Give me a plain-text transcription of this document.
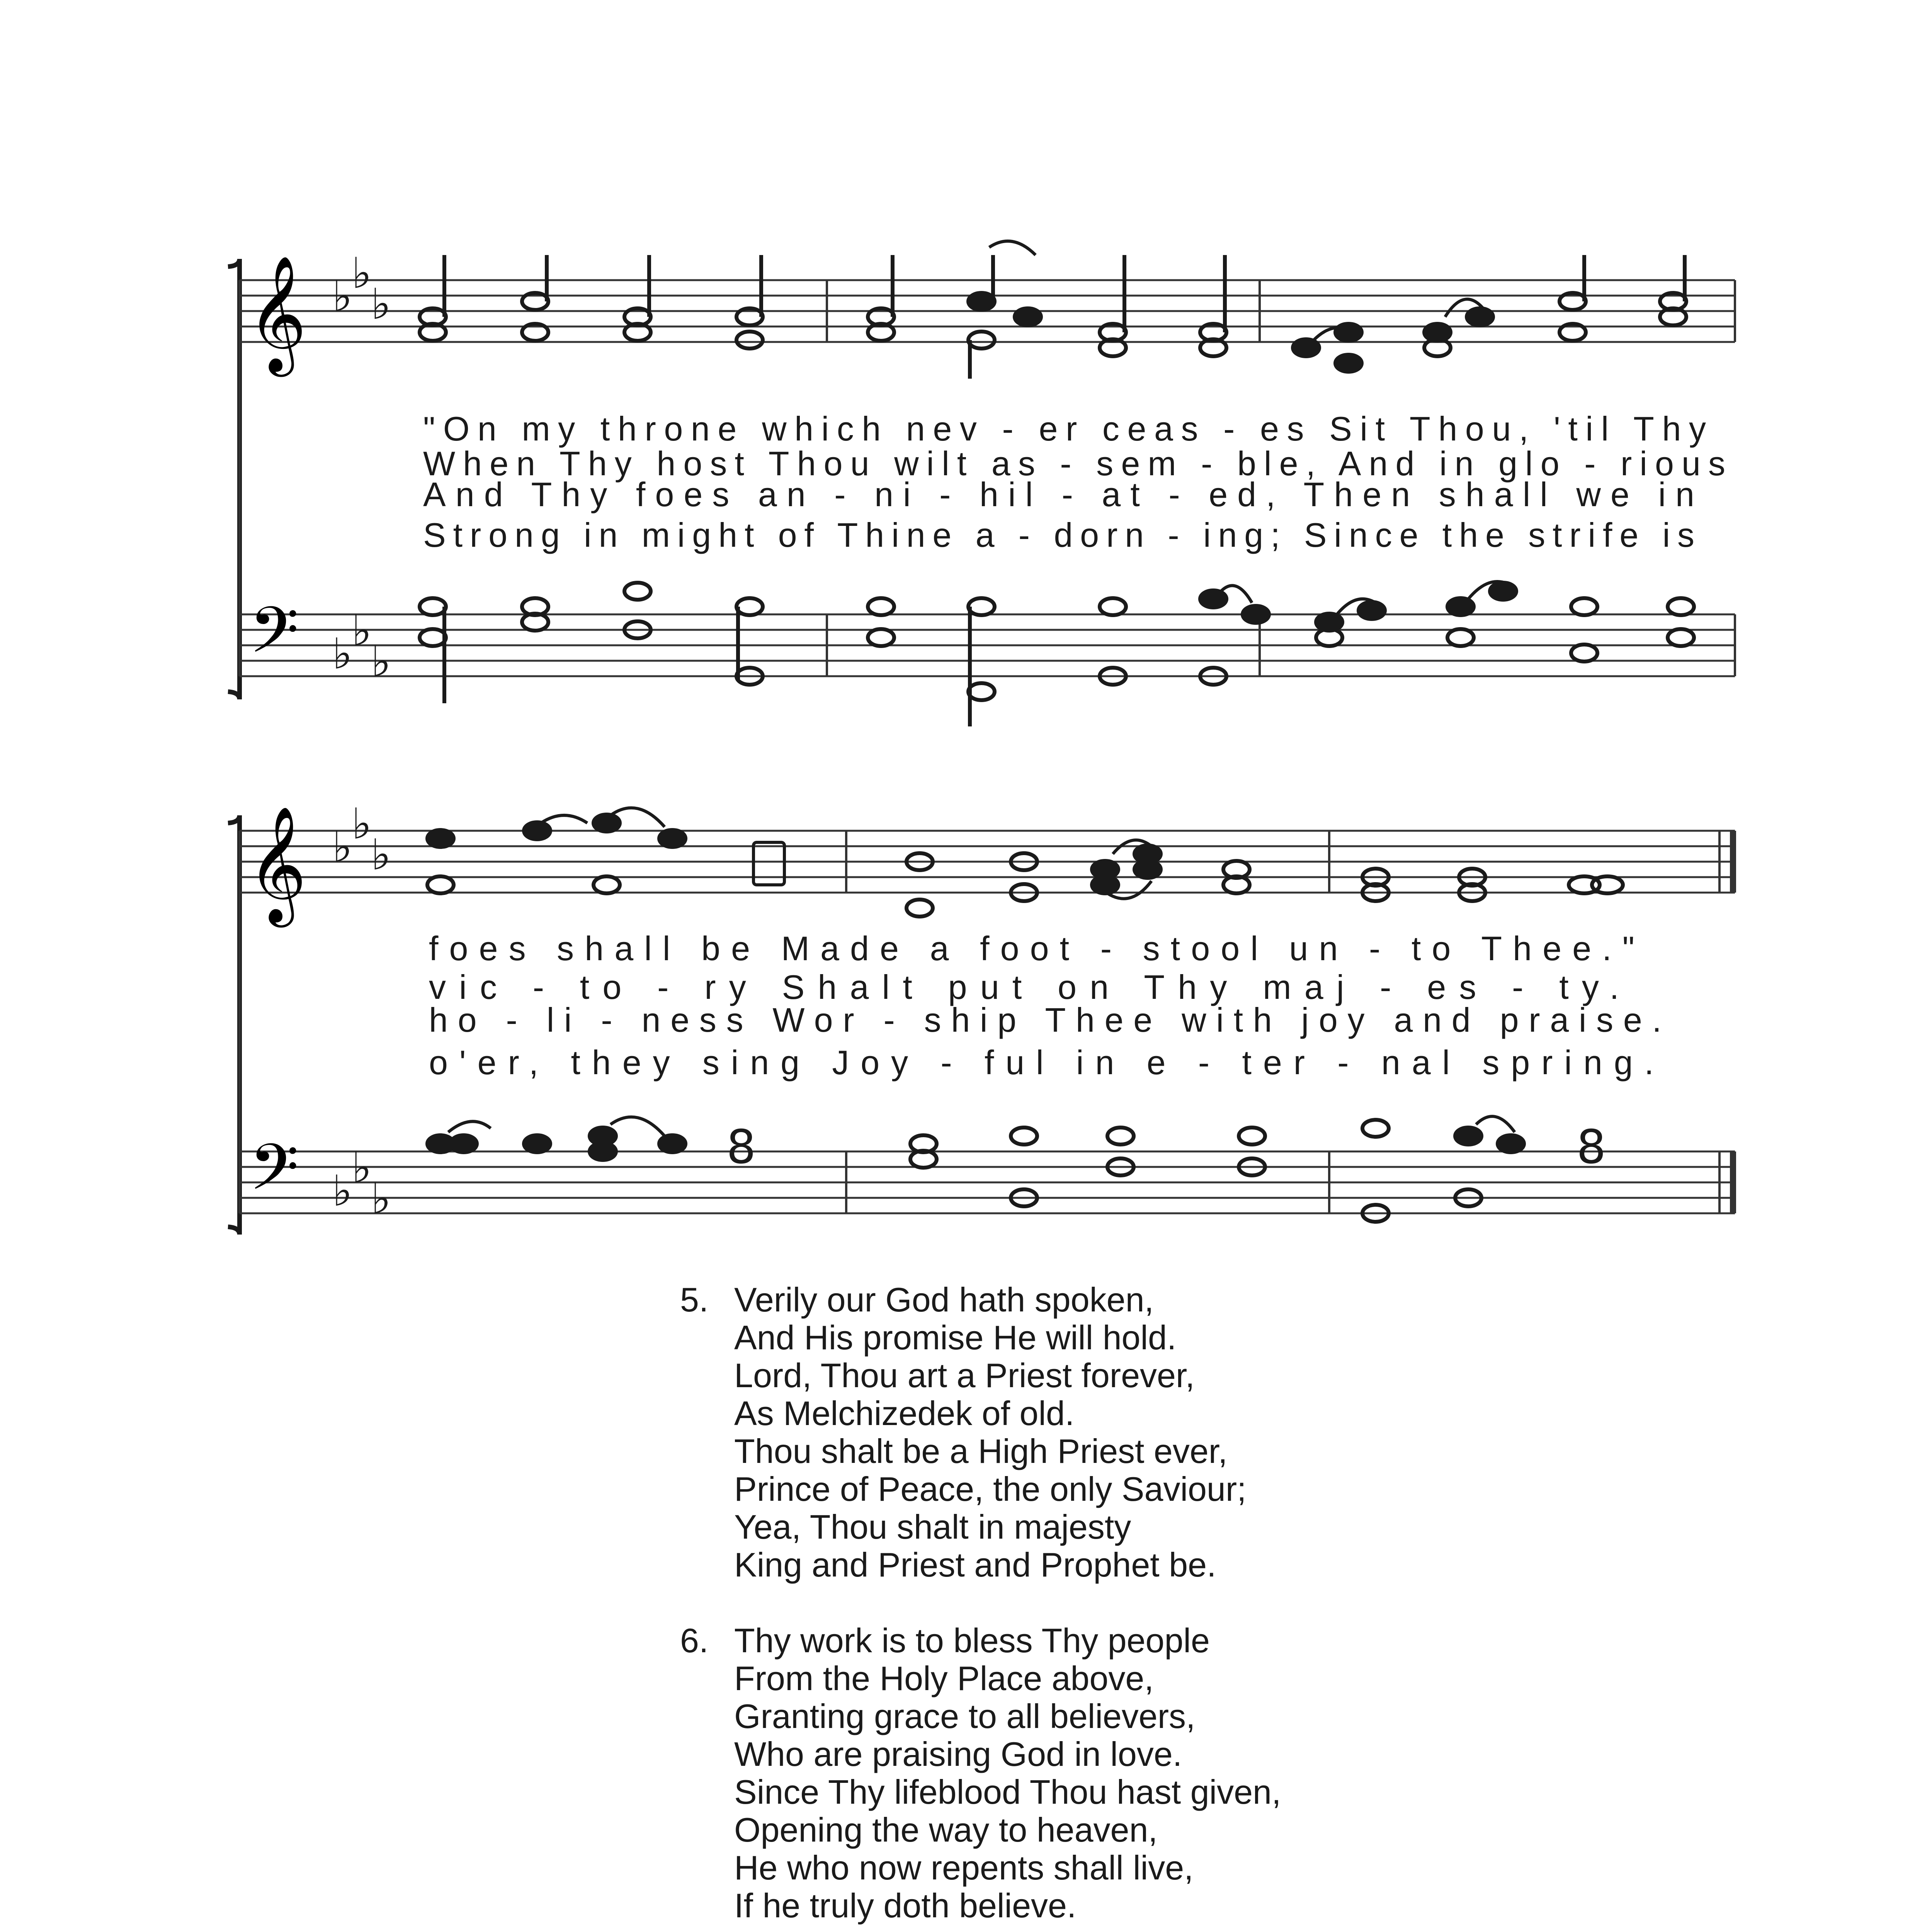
𝄞
𝄢
♭
♭
♭
♭
♭
♭
"On my throne which nev - er ceas - es Sit Thou, 'til Thy
When Thy host Thou wilt as - sem - ble, And in glo - rious
And Thy foes an - ni - hil - at - ed, Then shall we in
Strong in might of Thine a - dorn - ing; Since the strife is
𝄞
𝄢
♭
♭
♭
♭
♭
♭
8	8
foes shall be Made a foot - stool un - to Thee."
vic - to - ry Shalt put on Thy maj - es - ty.
ho - li - ness Wor - ship Thee with joy and praise.
o'er, they sing Joy - ful in e - ter - nal spring.
5. Verily our God hath spoken,
And His promise He will hold.
Lord, Thou art a Priest forever,
As Melchizedek of old.
Thou shalt be a High Priest ever,
Prince of Peace, the only Saviour;
Yea, Thou shalt in majesty
King and Priest and Prophet be.
6. Thy work is to bless Thy people
From the Holy Place above,
Granting grace to all believers,
Who are praising God in love.
Since Thy lifeblood Thou hast given,
Opening the way to heaven,
He who now repents shall live,
If he truly doth believe.
